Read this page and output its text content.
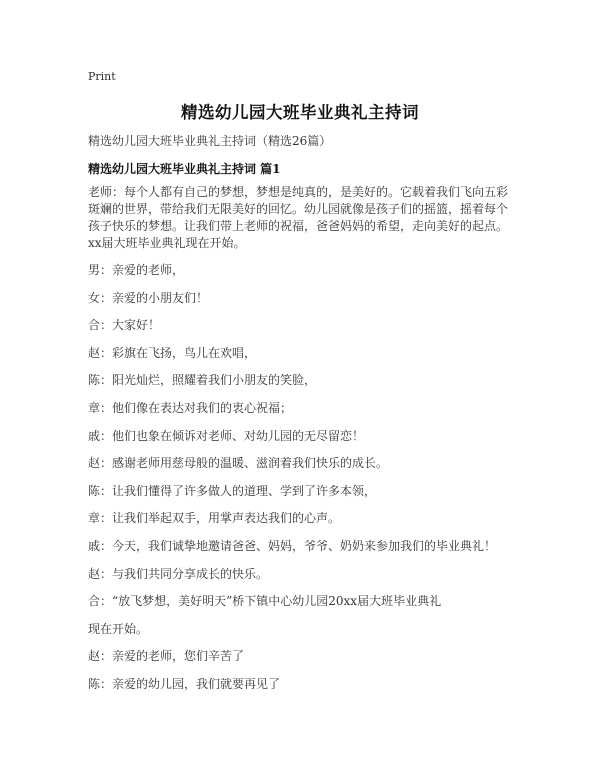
Print
精选幼儿园大班毕业典礼主持词
精选幼儿园大班毕业典礼主持词（精选26篇）
精选幼儿园大班毕业典礼主持词 篇1

老师：每个人都有自己的梦想，梦想是纯真的，是美好的。它载着我们飞向五彩斑斓的世界，带给我们无限美好的回忆。幼儿园就像是孩子们的摇篮，摇着每个孩子快乐的梦想。让我们带上老师的祝福，爸爸妈妈的希望，走向美好的起点。xx届大班毕业典礼现在开始。

男：亲爱的老师，
女：亲爱的小朋友们！
合：大家好！
赵：彩旗在飞扬，鸟儿在欢唱，
陈：阳光灿烂，照耀着我们小朋友的笑脸，
章：他们像在表达对我们的衷心祝福；
戚：他们也象在倾诉对老师、对幼儿园的无尽留恋！
赵：感谢老师用慈母般的温暖、滋润着我们快乐的成长。
陈：让我们懂得了许多做人的道理、学到了许多本领，
章：让我们举起双手，用掌声表达我们的心声。
戚：今天，我们诚挚地邀请爸爸、妈妈，爷爷、奶奶来参加我们的毕业典礼！
赵：与我们共同分享成长的快乐。
合：“放飞梦想，美好明天”桥下镇中心幼儿园20xx届大班毕业典礼
现在开始。
赵：亲爱的老师，您们辛苦了
陈：亲爱的幼儿园，我们就要再见了
